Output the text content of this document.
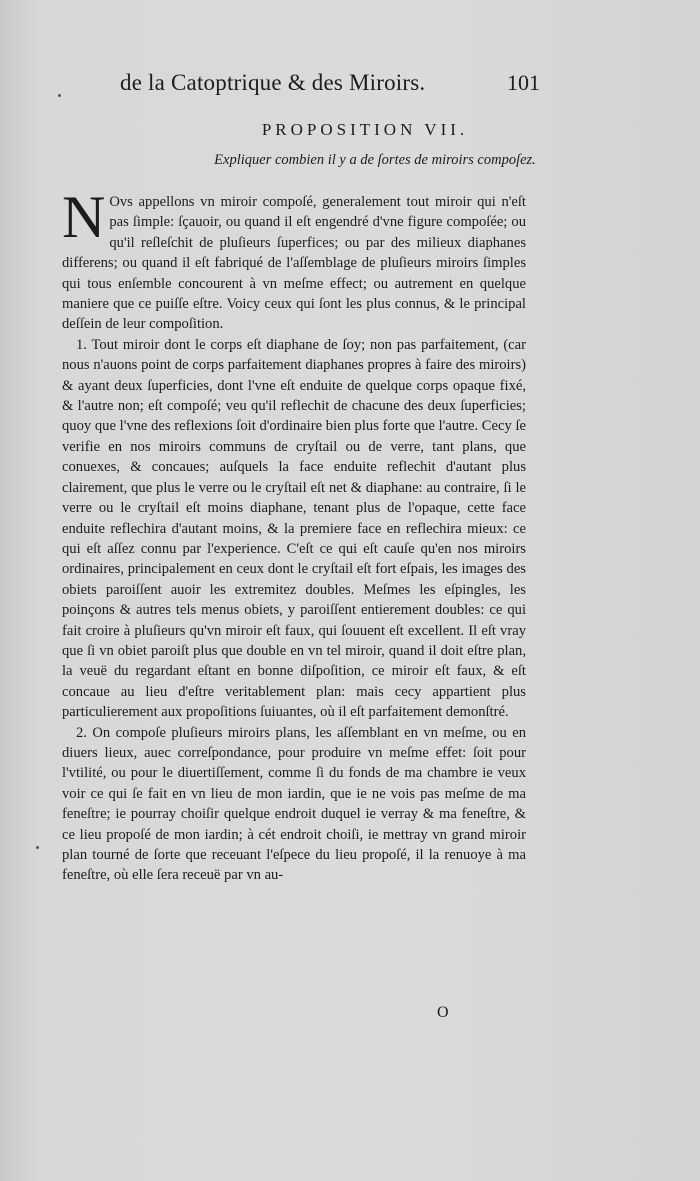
de la Catoptrique & des Miroirs.	101
PROPOSITION VII.
Expliquer combien il y a de ſortes de miroirs compoſez.

N Ovs appellons vn miroir compoſé, generalement tout miroir qui n'eſt pas ſimple: ſçauoir, ou quand il eſt engendré d'vne figure compoſée; ou qu'il reſleſchit de pluſieurs ſuperfices; ou par des milieux diaphanes differens; ou quand il eſt fabriqué de l'aſſemblage de pluſieurs miroirs ſimples qui tous enſemble concourent à vn meſme effect; ou autrement en quelque maniere que ce puiſſe eſtre. Voicy ceux qui ſont les plus connus, & le principal deſſein de leur compoſition.

1. Tout miroir dont le corps eſt diaphane de ſoy; non pas parfaitement, (car nous n'auons point de corps parfaitement diaphanes propres à faire des miroirs) & ayant deux ſuperficies, dont l'vne eſt enduite de quelque corps opaque fixé, & l'autre non; eſt compoſé; veu qu'il reflechit de chacune des deux ſuperficies; quoy que l'vne des reflexions ſoit d'ordinaire bien plus forte que l'autre. Cecy ſe verifie en nos miroirs communs de cryſtail ou de verre, tant plans, que conuexes, & concaues; auſquels la face enduite reflechit d'autant plus clairement, que plus le verre ou le cryſtail eſt net & diaphane: au contraire, ſi le verre ou le cryſtail eſt moins diaphane, tenant plus de l'opaque, cette face enduite reflechira d'autant moins, & la premiere face en reflechira mieux: ce qui eſt aſſez connu par l'experience. C'eſt ce qui eſt cauſe qu'en nos miroirs ordinaires, principalement en ceux dont le cryſtail eſt fort eſpais, les images des obiets paroiſſent auoir les extremitez doubles. Meſmes les eſpingles, les poinçons & autres tels menus obiets, y paroiſſent entierement doubles: ce qui fait croire à pluſieurs qu'vn miroir eſt faux, qui ſouuent eſt excellent. Il eſt vray que ſi vn obiet paroiſt plus que double en vn tel miroir, quand il doit eſtre plan, la veuë du regardant eſtant en bonne diſpoſition, ce miroir eſt faux, & eſt concaue au lieu d'eſtre veritablement plan: mais cecy appartient plus particulierement aux propoſitions ſuiuantes, où il eſt parfaitement demonſtré.

2. On compoſe pluſieurs miroirs plans, les aſſemblant en vn meſme, ou en diuers lieux, auec correſpondance, pour produire vn meſme effet: ſoit pour l'vtilité, ou pour le diuertiſſement, comme ſi du fonds de ma chambre ie veux voir ce qui ſe fait en vn lieu de mon iardin, que ie ne vois pas meſme de ma feneſtre; ie pourray choiſir quelque endroit duquel ie verray & ma feneſtre, & ce lieu propoſé de mon iardin; à cét endroit choiſi, ie mettray vn grand miroir plan tourné de ſorte que receuant l'eſpece du lieu propoſé, il la renuoye à ma feneſtre, où elle ſera receuë par vn au-

O
